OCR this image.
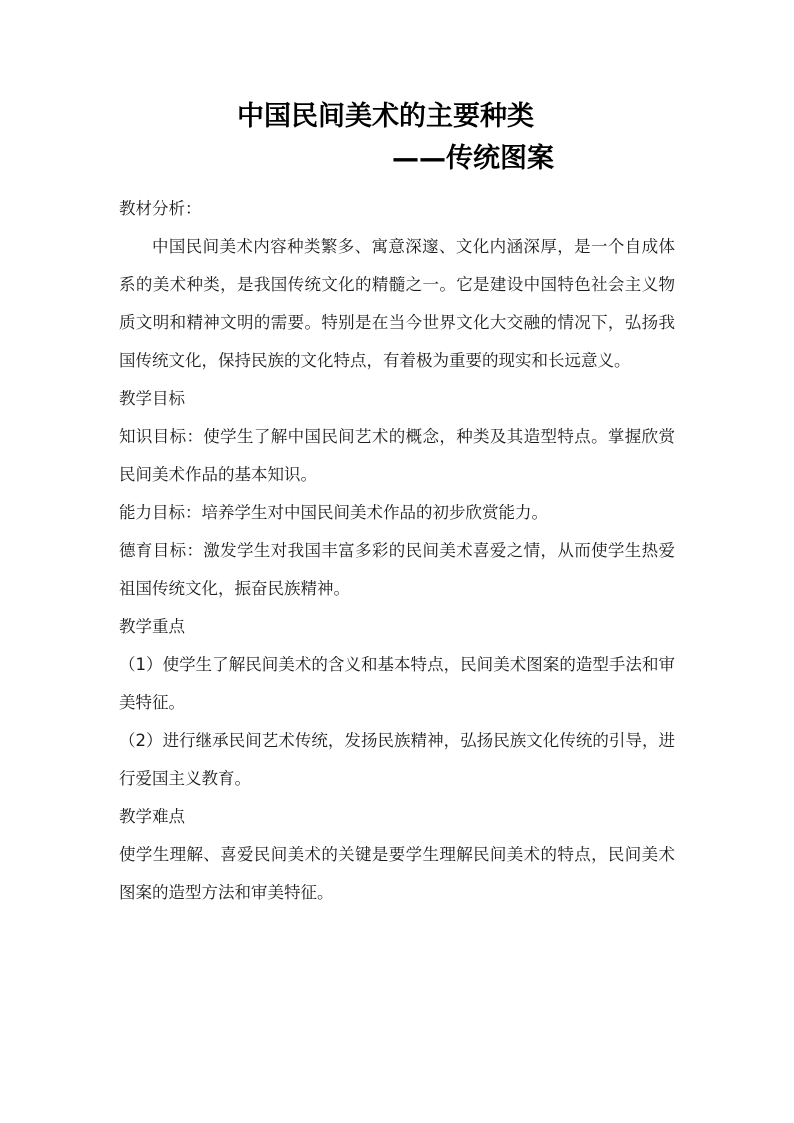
中国民间美术的主要种类
——传统图案

教材分析：

中国民间美术内容种类繁多、寓意深邃、文化内涵深厚，是一个自成体系的美术种类，是我国传统文化的精髓之一。它是建设中国特色社会主义物质文明和精神文明的需要。特别是在当今世界文化大交融的情况下，弘扬我国传统文化，保持民族的文化特点，有着极为重要的现实和长远意义。

教学目标

知识目标：使学生了解中国民间艺术的概念，种类及其造型特点。掌握欣赏民间美术作品的基本知识。

能力目标：培养学生对中国民间美术作品的初步欣赏能力。

德育目标：激发学生对我国丰富多彩的民间美术喜爱之情，从而使学生热爱祖国传统文化，振奋民族精神。

教学重点

（1）使学生了解民间美术的含义和基本特点，民间美术图案的造型手法和审美特征。

（2）进行继承民间艺术传统，发扬民族精神，弘扬民族文化传统的引导，进行爱国主义教育。

教学难点

使学生理解、喜爱民间美术的关键是要学生理解民间美术的特点，民间美术图案的造型方法和审美特征。
